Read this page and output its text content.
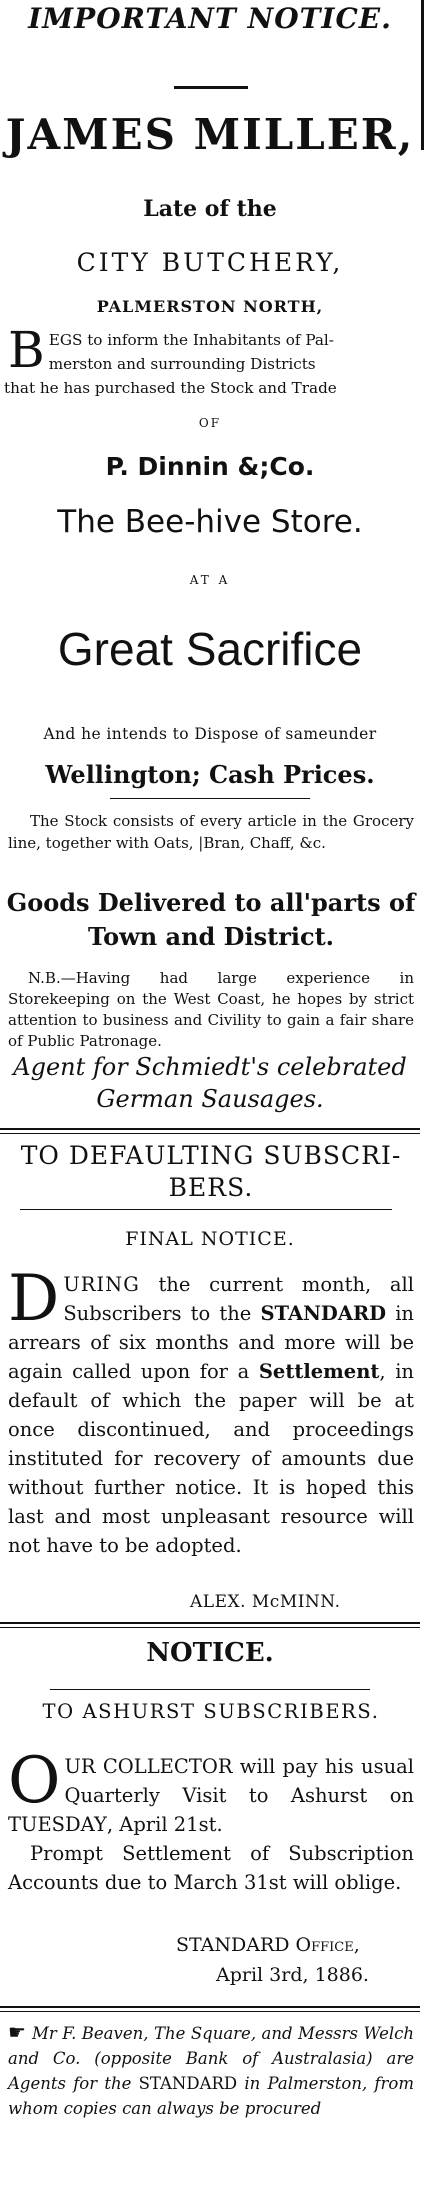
IMPORTANT NOTICE.

JAMES MILLER,

Late of the

CITY BUTCHERY,

PALMERSTON NORTH,

B EGS to inform the Inhabitants of Pal-
merston and surrounding Districts
that he has purchased the Stock and Trade

OF

P. Dinnin &;Co.

The Bee-hive Store.

AT A

Great Sacrifice

And he intends to Dispose of sameunder

Wellington; Cash Prices.

The Stock consists of every article in the Grocery line, together with Oats, |Bran, Chaff, &c.

Goods Delivered to all'parts of Town and District.

N.B.—Having had large experience in Storekeeping on the West Coast, he hopes by strict attention to business and Civility to gain a fair share of Public Patronage.

Agent for Schmiedt's celebrated German Sausages.

TO DEFAULTING SUBSCRI-BERS.

FINAL NOTICE.

D URING the current month, all Subscribers to the STANDARD in arrears of six months and more will be again called upon for a Settlement, in default of which the paper will be at once discontinued, and proceedings instituted for recovery of amounts due without further notice. It is hoped this last and most unpleasant resource will not have to be adopted.

ALEX. McMINN.

NOTICE.

TO ASHURST SUBSCRIBERS.

O UR COLLECTOR will pay his usual Quarterly Visit to Ashurst on TUESDAY, April 21st.

Prompt Settlement of Subscription Accounts due to March 31st will oblige.

STANDARD Office,

April 3rd, 1886.

☛ Mr F. Beaven, The Square, and Messrs Welch and Co. (opposite Bank of Australasia) are Agents for the STANDARD in Palmerston, from whom copies can always be procured
